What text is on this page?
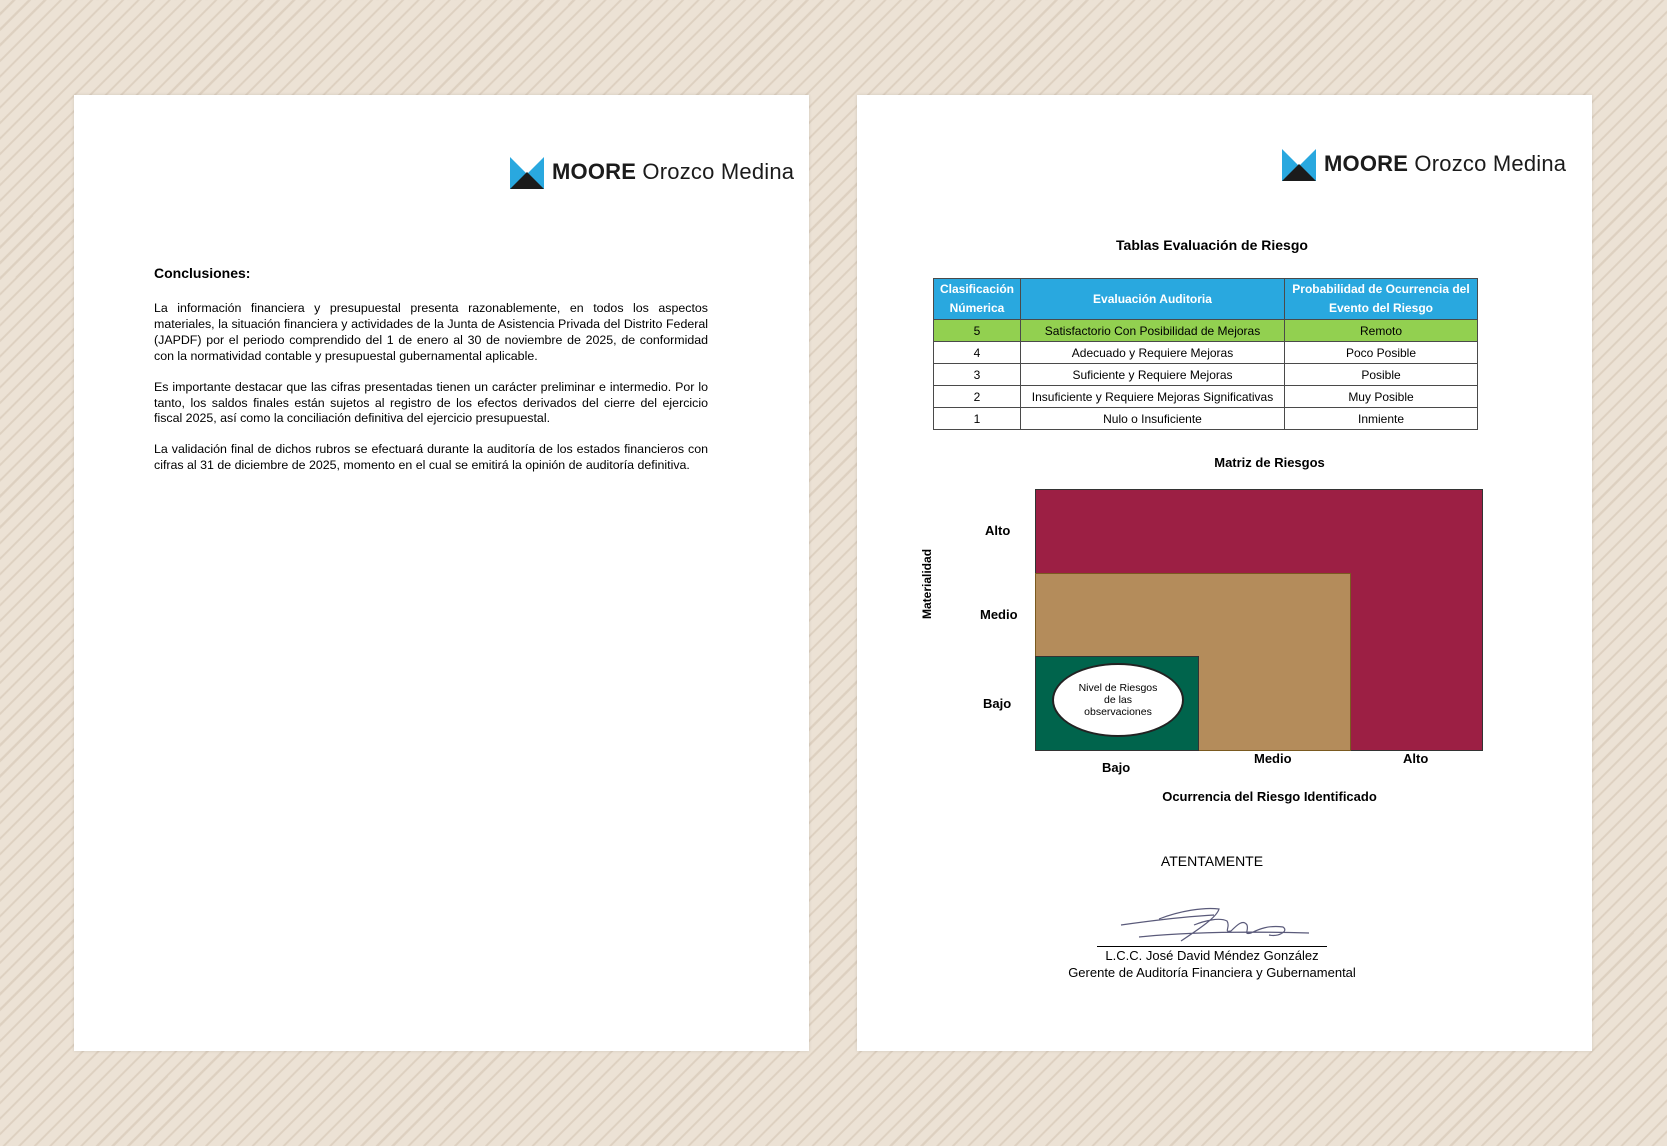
MOORE Orozco Medina
Conclusiones:

La información financiera y presupuestal presenta razonablemente, en todos los aspectos materiales, la situación financiera y actividades de la Junta de Asistencia Privada del Distrito Federal (JAPDF) por el periodo comprendido del 1 de enero al 30 de noviembre de 2025, de conformidad con la normatividad contable y presupuestal gubernamental aplicable.

Es importante destacar que las cifras presentadas tienen un carácter preliminar e intermedio. Por lo tanto, los saldos finales están sujetos al registro de los efectos derivados del cierre del ejercicio fiscal 2025, así como la conciliación definitiva del ejercicio presupuestal.

La validación final de dichos rubros se efectuará durante la auditoría de los estados financieros con cifras al 31 de diciembre de 2025, momento en el cual se emitirá la opinión de auditoría definitiva.

MOORE Orozco Medina
Tablas Evaluación de Riesgo
Clasificación Númerica	Evaluación Auditoria	Probabilidad de Ocurrencia del Evento del Riesgo
5	Satisfactorio Con Posibilidad de Mejoras	Remoto
4	Adecuado y Requiere Mejoras	Poco Posible
3	Suficiente y Requiere Mejoras	Posible
2	Insuficiente y Requiere Mejoras Significativas	Muy Posible
1	Nulo o Insuficiente	Inmiente
Matriz de Riesgos
Nivel de Riesgos de las observaciones
Alto
Medio
Bajo
Bajo
Medio	Alto
Materialidad
Ocurrencia del Riesgo Identificado
ATENTAMENTE
L.C.C. José David Méndez González
Gerente de Auditoría Financiera y Gubernamental
